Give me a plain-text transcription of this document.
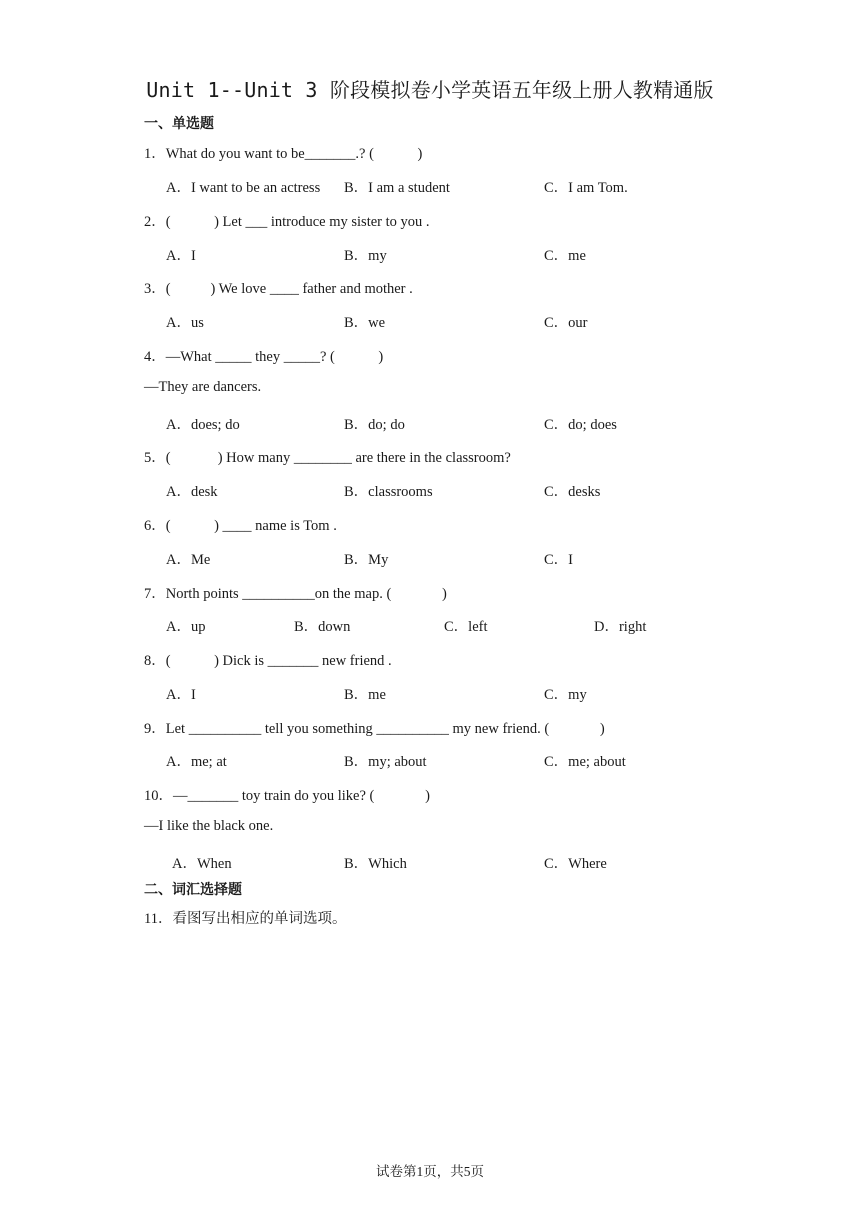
Unit 1--Unit 3 阶段模拟卷小学英语五年级上册人教精通版
一、单选题
1．What do you want to be_______.? (            )
A．I want to be an actress B．I am a student	C．I am Tom.
2．(            ) Let ___ introduce my sister to you .
A．I	B．my	C．me
3．(           ) We love ____ father and mother .
A．us	B．we	C．our
4．—What _____ they _____? (            )
—They are dancers.
A．does; do	B．do; do	C．do; does
5．(             ) How many ________ are there in the classroom?
A．desk	B．classrooms	C．desks
6．(            ) ____ name is Tom .
A．Me	B．My	C．I
7．North points __________on the map. (              )
A．up	B．down	C．left	D．right
8．(            ) Dick is _______ new friend .
A．I	B．me	C．my
9．Let __________ tell you something __________ my new friend. (              )
A．me; at	B．my; about	C．me; about
10．—_______ toy train do you like? (              )
—I like the black one.
A．When	B．Which	C．Where
二、词汇选择题
11．看图写出相应的单词选项。
试卷第1页，共5页
